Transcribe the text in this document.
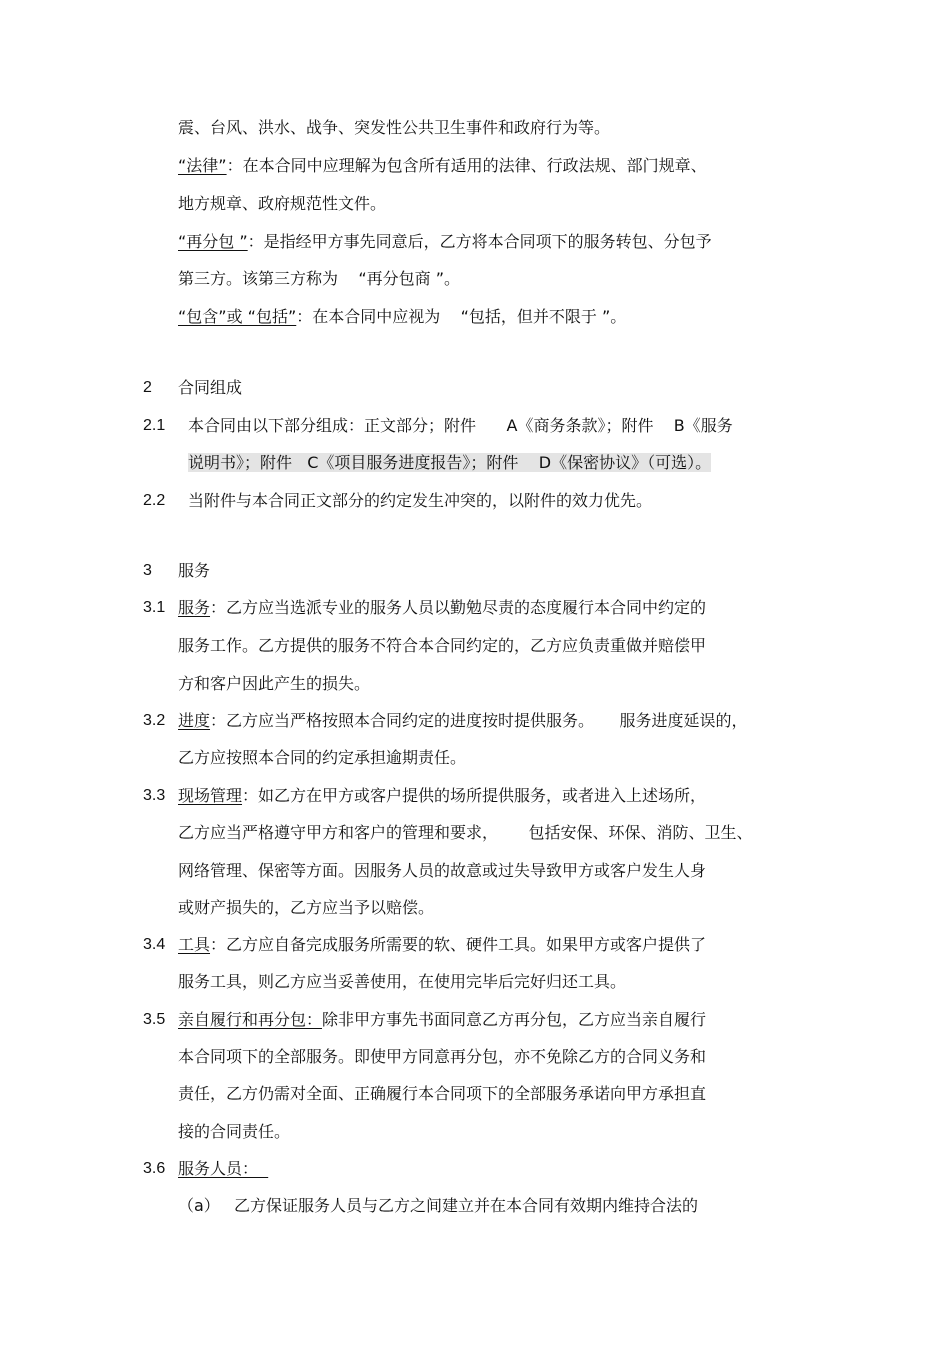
震、台风、洪水、战争、突发性公共卫生事件和政府行为等。
“法律”：在本合同中应理解为包含所有适用的法律、行政法规、部门规章、
地方规章、政府规范性文件。
“再分包 ”：是指经甲方事先同意后，乙方将本合同项下的服务转包、分包予
第三方。该第三方称为    “再分包商 ”。
“包含”或 “包括”：在本合同中应视为    “包括，但并不限于 ”。
2 合同组成
2.1 本合同由以下部分组成：正文部分；附件      A《商务条款》；附件    B《服务
说明书》；附件   C《项目服务进度报告》；附件    D《保密协议》（可选）。
2.2 当附件与本合同正文部分的约定发生冲突的，以附件的效力优先。
3 服务
3.1 服务：乙方应当选派专业的服务人员以勤勉尽责的态度履行本合同中约定的
服务工作。乙方提供的服务不符合本合同约定的，乙方应负责重做并赔偿甲
方和客户因此产生的损失。
3.2 进度：乙方应当严格按照本合同约定的进度按时提供服务。     服务进度延误的，
乙方应按照本合同的约定承担逾期责任。
3.3 现场管理：如乙方在甲方或客户提供的场所提供服务，或者进入上述场所，
乙方应当严格遵守甲方和客户的管理和要求，      包括安保、环保、消防、卫生、
网络管理、保密等方面。因服务人员的故意或过失导致甲方或客户发生人身
或财产损失的，乙方应当予以赔偿。
3.4 工具：乙方应自备完成服务所需要的软、硬件工具。如果甲方或客户提供了
服务工具，则乙方应当妥善使用，在使用完毕后完好归还工具。
3.5 亲自履行和再分包：除非甲方事先书面同意乙方再分包，乙方应当亲自履行
本合同项下的全部服务。即使甲方同意再分包，亦不免除乙方的合同义务和
责任，乙方仍需对全面、正确履行本合同项下的全部服务承诺向甲方承担直
接的合同责任。
3.6 服务人员：
（a） 乙方保证服务人员与乙方之间建立并在本合同有效期内维持合法的
